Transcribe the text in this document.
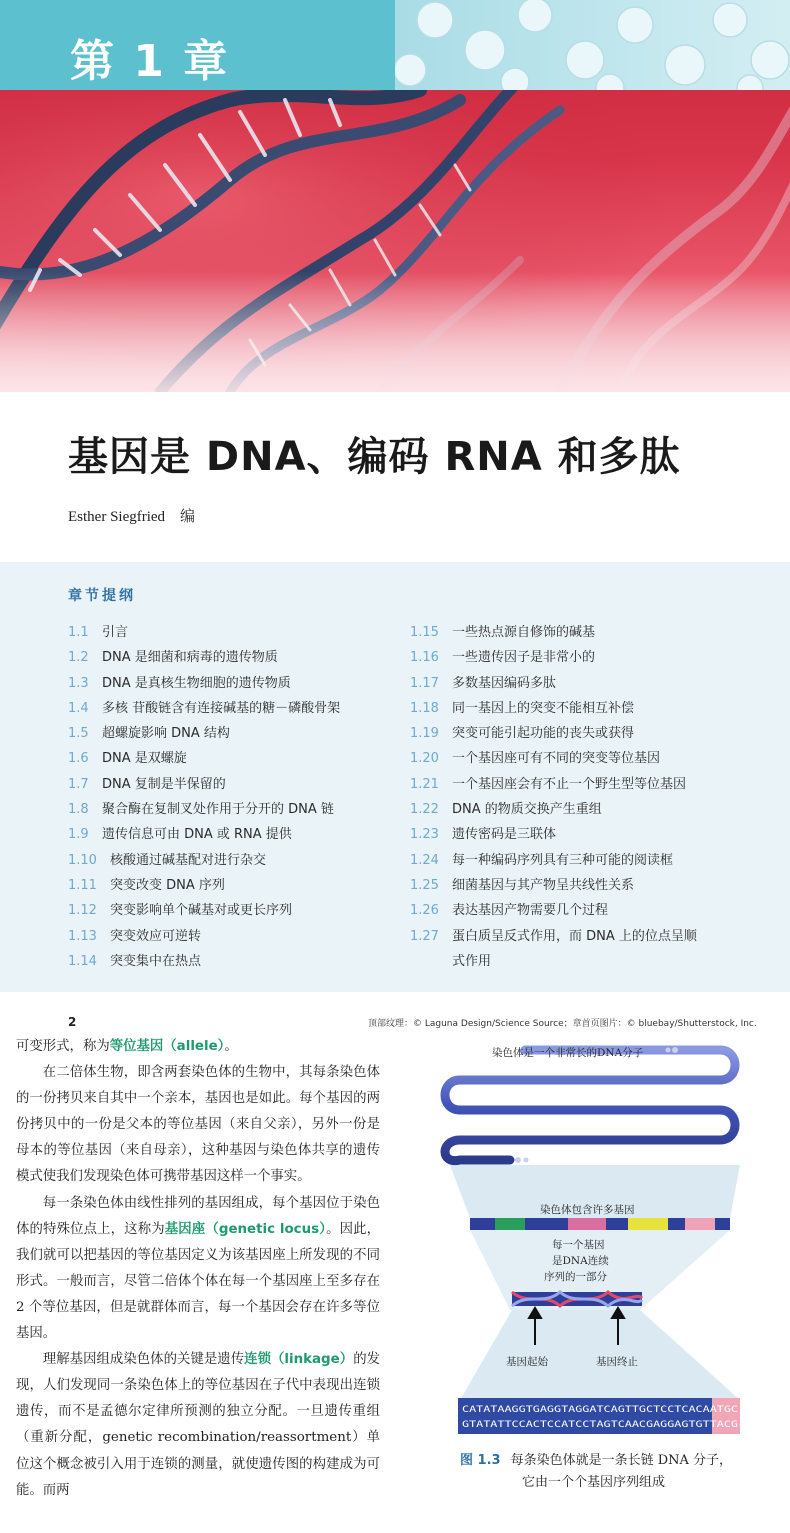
第 1 章
基因是 DNA、编码 RNA 和多肽
Esther Siegfried　编
章节提纲
1.1	引言
1.2	DNA 是细菌和病毒的遗传物质
1.3	DNA 是真核生物细胞的遗传物质
1.4	多核 苷酸链含有连接碱基的糖－磷酸骨架
1.5	超螺旋影响 DNA 结构
1.6	DNA 是双螺旋
1.7	DNA 复制是半保留的
1.8	聚合酶在复制叉处作用于分开的 DNA 链
1.9	遗传信息可由 DNA 或 RNA 提供
1.10	核酸通过碱基配对进行杂交
1.11	突变改变 DNA 序列
1.12	突变影响单个碱基对或更长序列
1.13	突变效应可逆转
1.14	突变集中在热点
1.15	一些热点源自修饰的碱基
1.16	一些遗传因子是非常小的
1.17	多数基因编码多肽
1.18	同一基因上的突变不能相互补偿
1.19	突变可能引起功能的丧失或获得
1.20	一个基因座可有不同的突变等位基因
1.21	一个基因座会有不止一个野生型等位基因
1.22	DNA 的物质交换产生重组
1.23	遗传密码是三联体
1.24	每一种编码序列具有三种可能的阅读框
1.25	细菌基因与其产物呈共线性关系
1.26	表达基因产物需要几个过程
1.27	蛋白质呈反式作用，而 DNA 上的位点呈顺
式作用
2	顶部纹理：© Laguna Design/Science Source；章首页图片：© bluebay/Shutterstock, Inc.

可变形式，称为等位基因（allele）。

在二倍体生物，即含两套染色体的生物中，其每条染色体的一份拷贝来自其中一个亲本，基因也是如此。每个基因的两份拷贝中的一份是父本的等位基因（来自父亲），另外一份是母本的等位基因（来自母亲），这种基因与染色体共享的遗传模式使我们发现染色体可携带基因这样一个事实。

每一条染色体由线性排列的基因组成，每个基因位于染色体的特殊位点上，这称为基因座（genetic locus）。因此，我们就可以把基因的等位基因定义为该基因座上所发现的不同形式。一般而言，尽管二倍体个体在每一个基因座上至多存在 2 个等位基因，但是就群体而言，每一个基因会存在许多等位基因。

理解基因组成染色体的关键是遗传连锁（linkage）的发现，人们发现同一条染色体上的等位基因在子代中表现出连锁遗传，而不是孟德尔定律所预测的独立分配。一旦遗传重组（重新分配，genetic recombination/reassortment）单位这个概念被引入用于连锁的测量，就使遗传图的构建成为可能。而两

染色体是一个非常长的DNA分子
染色体包含许多基因
每一个基因
是DNA连续
序列的一部分
基因起始	基因终止
CATATAAGGTGAGGTAGGATCAGTTGCTCCTCACAATGC
GTATATTCCACTCCATCCTAGTCAACGAGGAGTGTTACG
图 1.3 每条染色体就是一条长链 DNA 分子，
它由一个个基因序列组成
